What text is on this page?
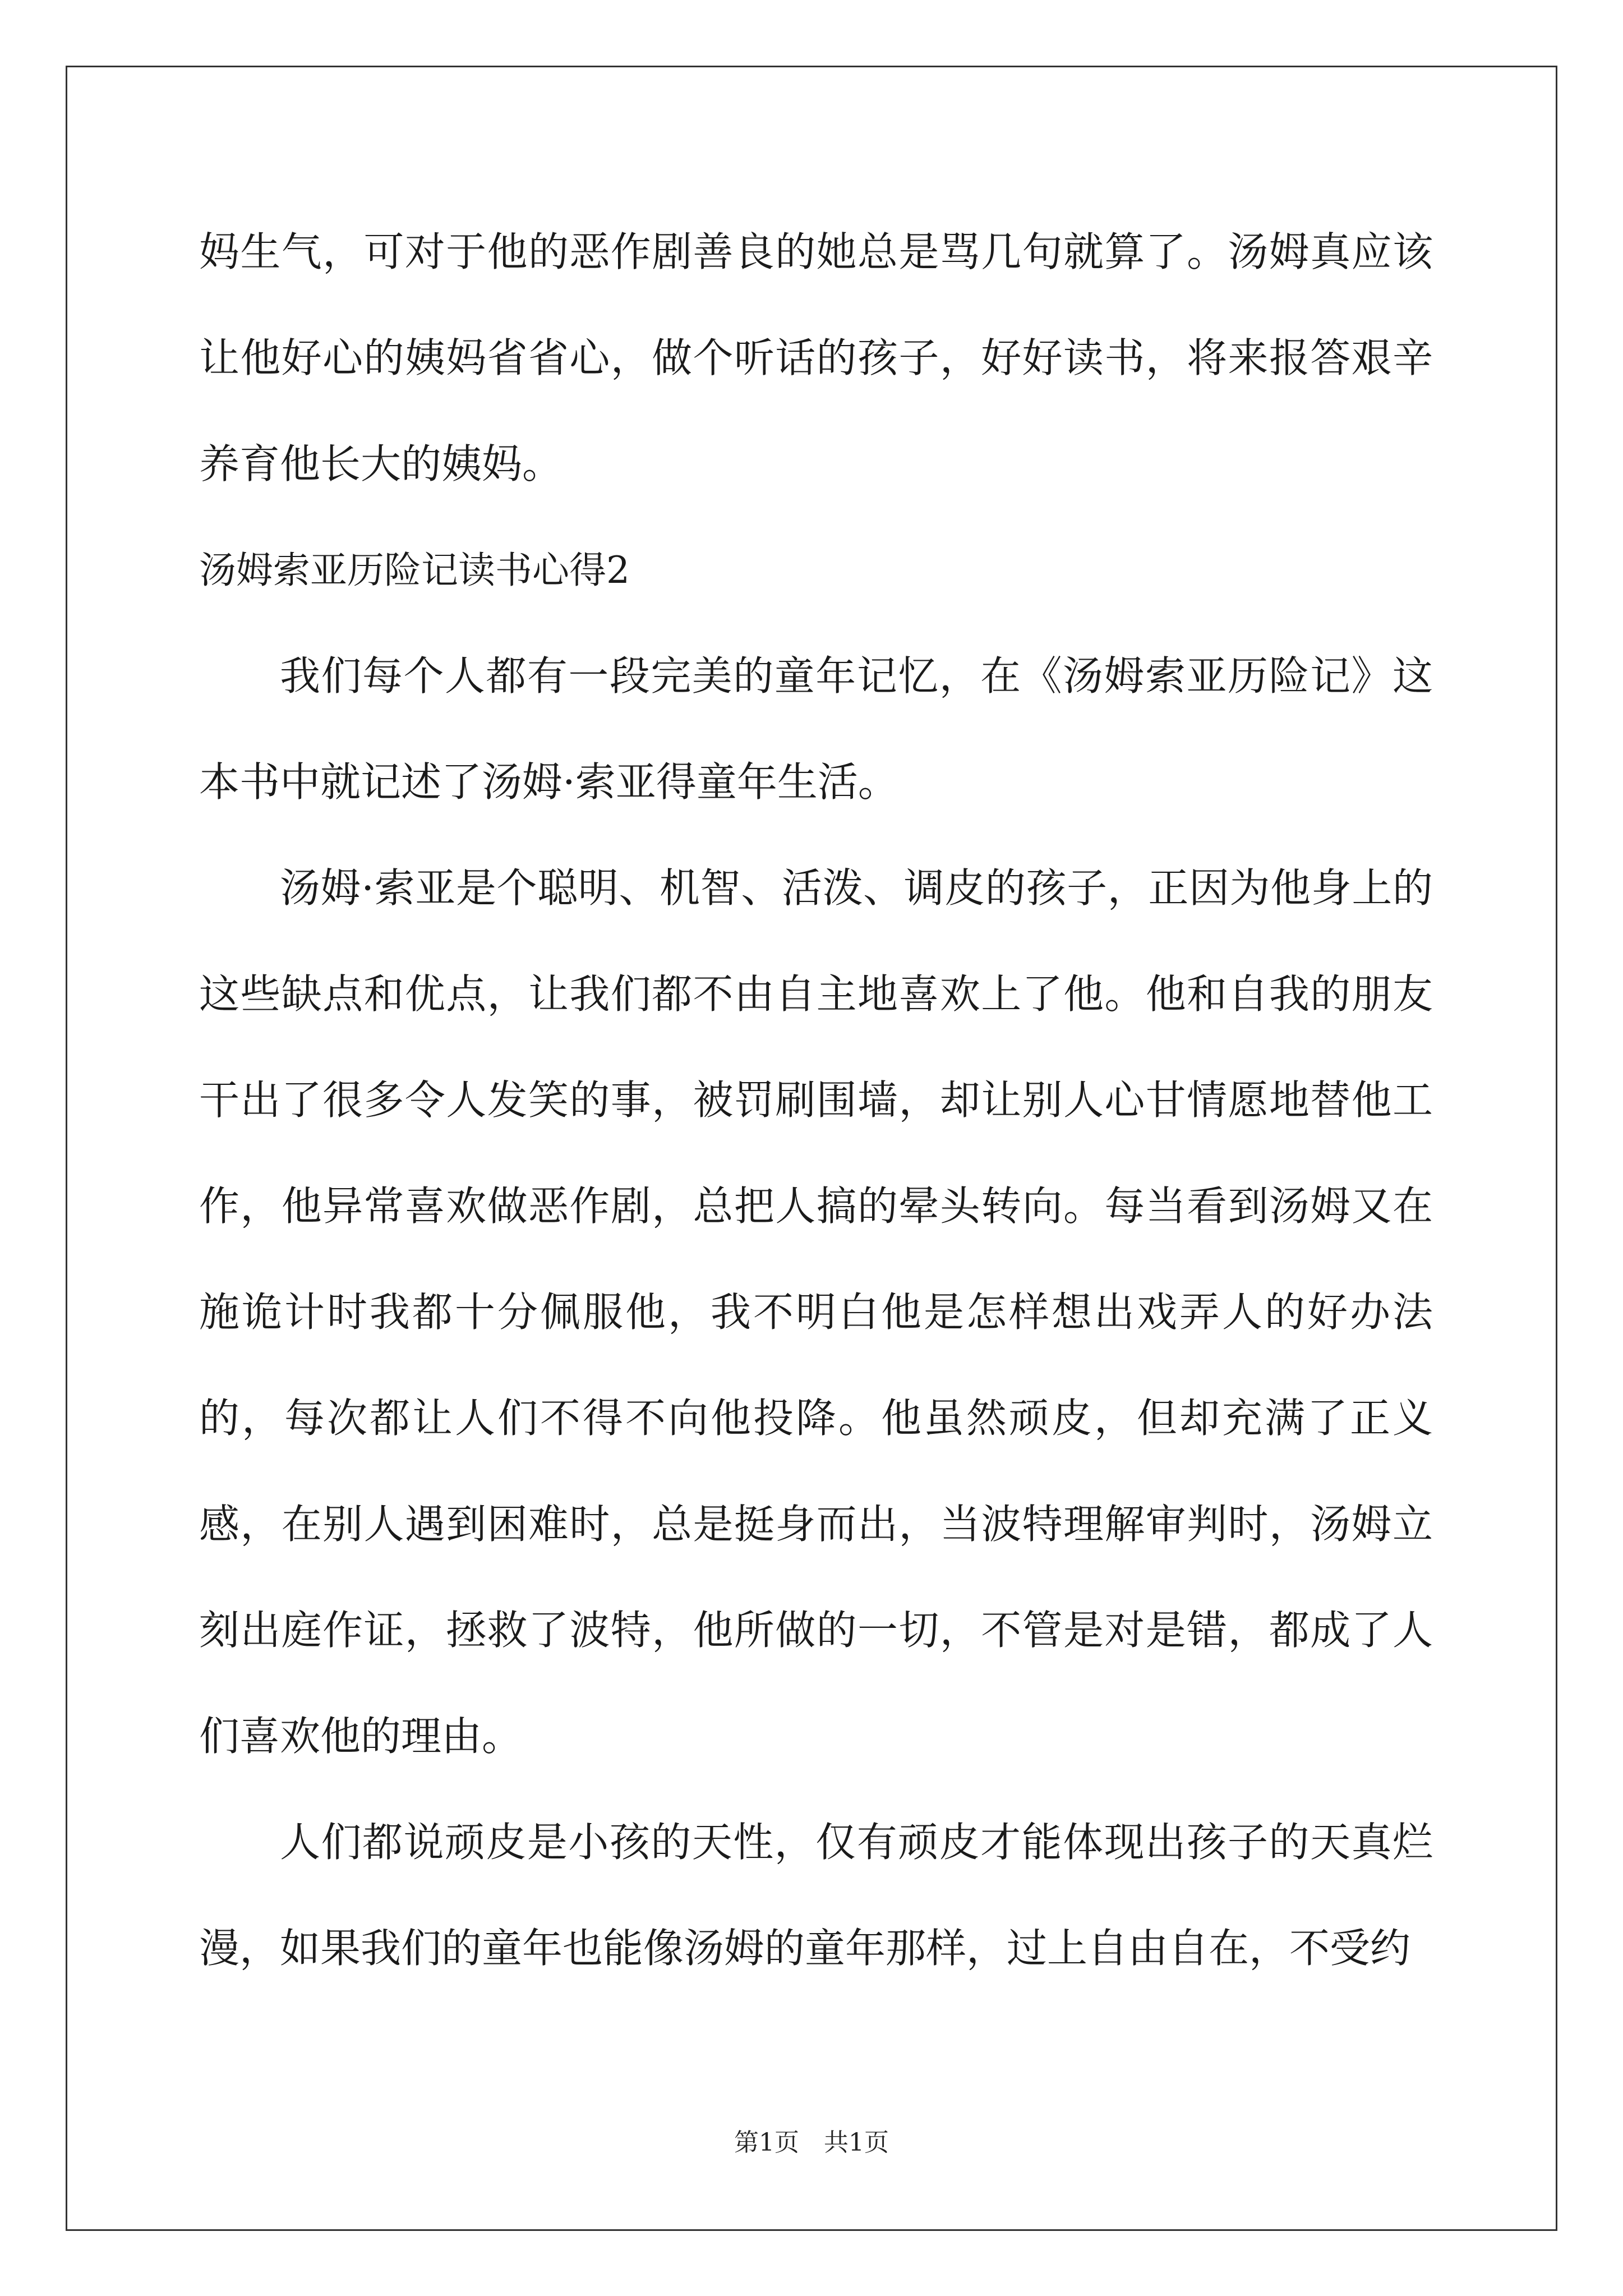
妈生气，可对于他的恶作剧善良的她总是骂几句就算了。汤姆真应该让他好心的姨妈省省心，做个听话的孩子，好好读书，将来报答艰辛养育他长大的姨妈。

汤姆索亚历险记读书心得2

我们每个人都有一段完美的童年记忆，在《汤姆索亚历险记》这本书中就记述了汤姆·索亚得童年生活。

汤姆·索亚是个聪明、机智、活泼、调皮的孩子，正因为他身上的这些缺点和优点，让我们都不由自主地喜欢上了他。他和自我的朋友干出了很多令人发笑的事，被罚刷围墙，却让别人心甘情愿地替他工作，他异常喜欢做恶作剧，总把人搞的晕头转向。每当看到汤姆又在施诡计时我都十分佩服他，我不明白他是怎样想出戏弄人的好办法的，每次都让人们不得不向他投降。他虽然顽皮，但却充满了正义感，在别人遇到困难时，总是挺身而出，当波特理解审判时，汤姆立刻出庭作证，拯救了波特，他所做的一切，不管是对是错，都成了人们喜欢他的理由。

人们都说顽皮是小孩的天性，仅有顽皮才能体现出孩子的天真烂漫，如果我们的童年也能像汤姆的童年那样，过上自由自在，不受约

第1页 共1页
